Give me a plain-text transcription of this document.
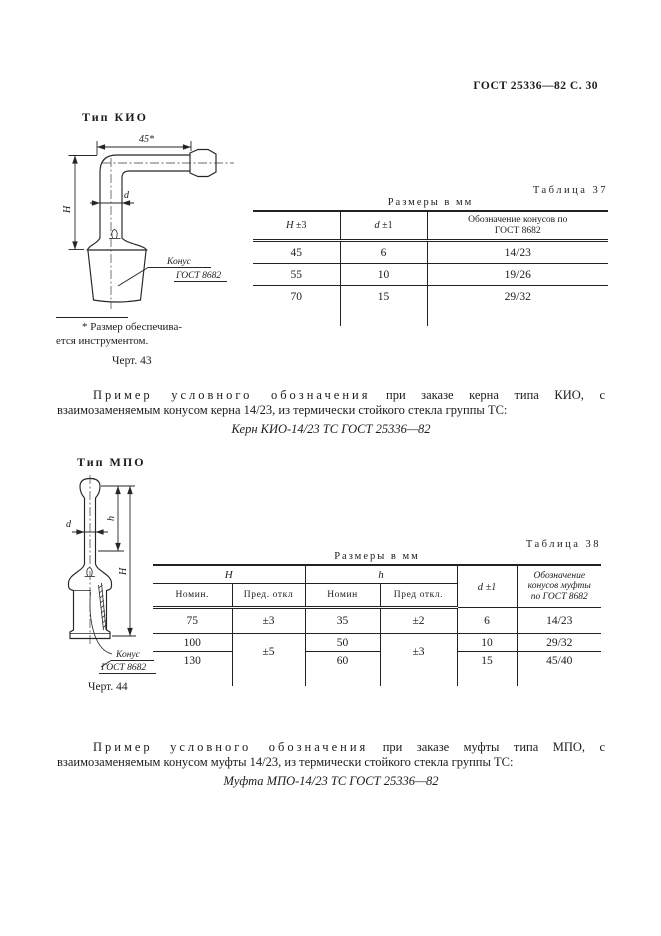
ГОСТ 25336—82 С. 30
Тип КИО
45*
d
H
Конус
ГОСТ 8682
* Размер обеспечива-
ется инструментом.
Черт. 43
Таблица 37
Размеры в мм
H ±3	d ±1	Обозначение конусов по
ГОСТ 8682

45	6	14/23
55	10	19/26
70	15	29/32

Пример условного обозначения при заказе керна типа КИО, с
взаимозаменяемым конусом керна 14/23, из термически стойкого стекла группы ТС:
Керн КИО-14/23 ТС ГОСТ 25336—82
Тип МПО
d
h
H
Конус
ГОСТ 8682
Черт. 44
Таблица 38
Размеры в мм
H		h		d ±1	Обозначение
конусов муфты
по ГОСТ 8682

Номин.	Пред. откл	Номин	Пред откл.		
75	±3	35	±2	6	14/23
100	±5	50	±3	10	29/32
130		60		15	45/40

Пример условного обозначения при заказе муфты типа МПО, с
взаимозаменяемым конусом муфты 14/23, из термически стойкого стекла группы ТС:
Муфта МПО-14/23 ТС ГОСТ 25336—82
